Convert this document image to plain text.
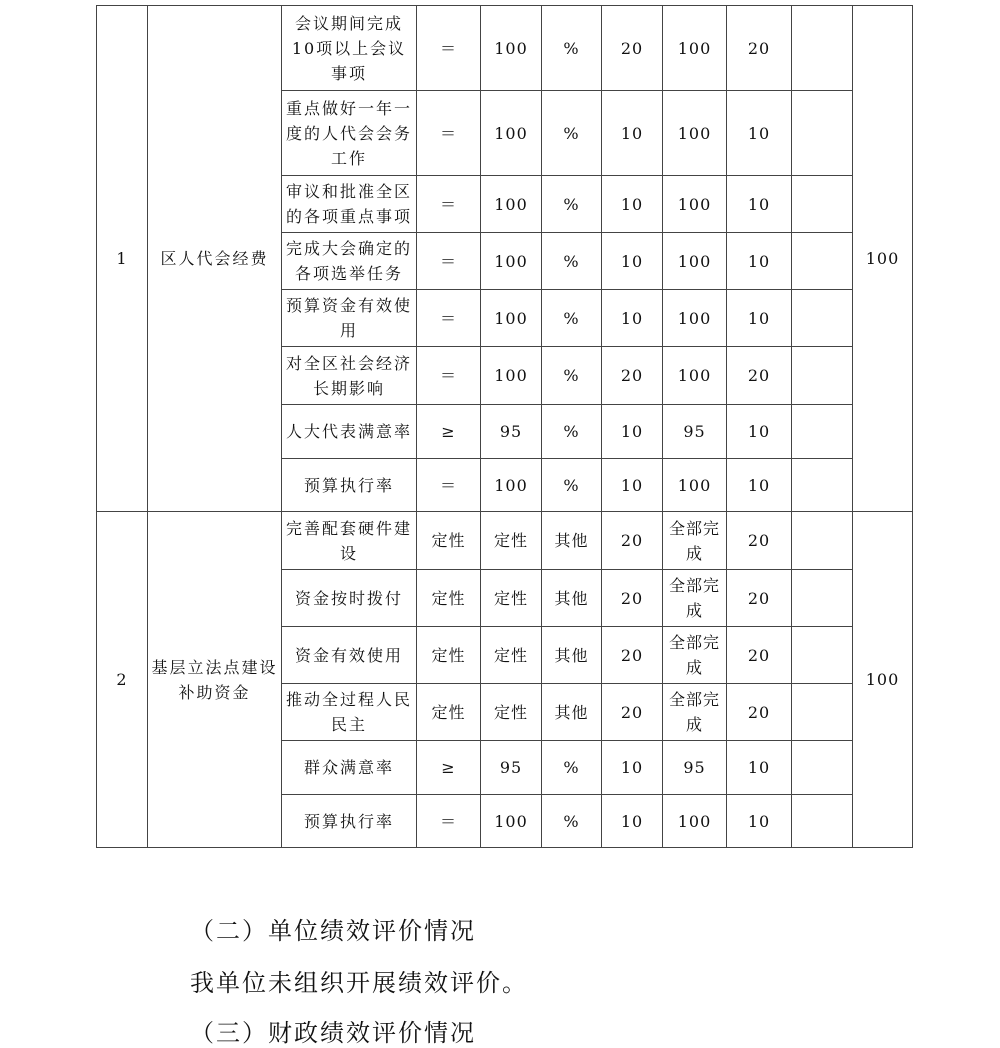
1	区人代会经费	会议期间完成10项以上会议事项	＝	100	%	20	100	20		100
		重点做好一年一度的人代会会务工作	＝	100	%	10	100	10		
		审议和批准全区的各项重点事项	＝	100	%	10	100	10		
		完成大会确定的各项选举任务	＝	100	%	10	100	10		
		预算资金有效使用	＝	100	%	10	100	10		
		对全区社会经济长期影响	＝	100	%	20	100	20		
		人大代表满意率	≥	95	%	10	95	10		
		预算执行率	＝	100	%	10	100	10		
2	基层立法点建设补助资金	完善配套硬件建设	定性	定性	其他	20	全部完成	20		100
		资金按时拨付	定性	定性	其他	20	全部完成	20		
		资金有效使用	定性	定性	其他	20	全部完成	20		
		推动全过程人民民主	定性	定性	其他	20	全部完成	20		
		群众满意率	≥	95	%	10	95	10		
		预算执行率	＝	100	%	10	100	10		
（二）单位绩效评价情况
我单位未组织开展绩效评价。
（三）财政绩效评价情况
